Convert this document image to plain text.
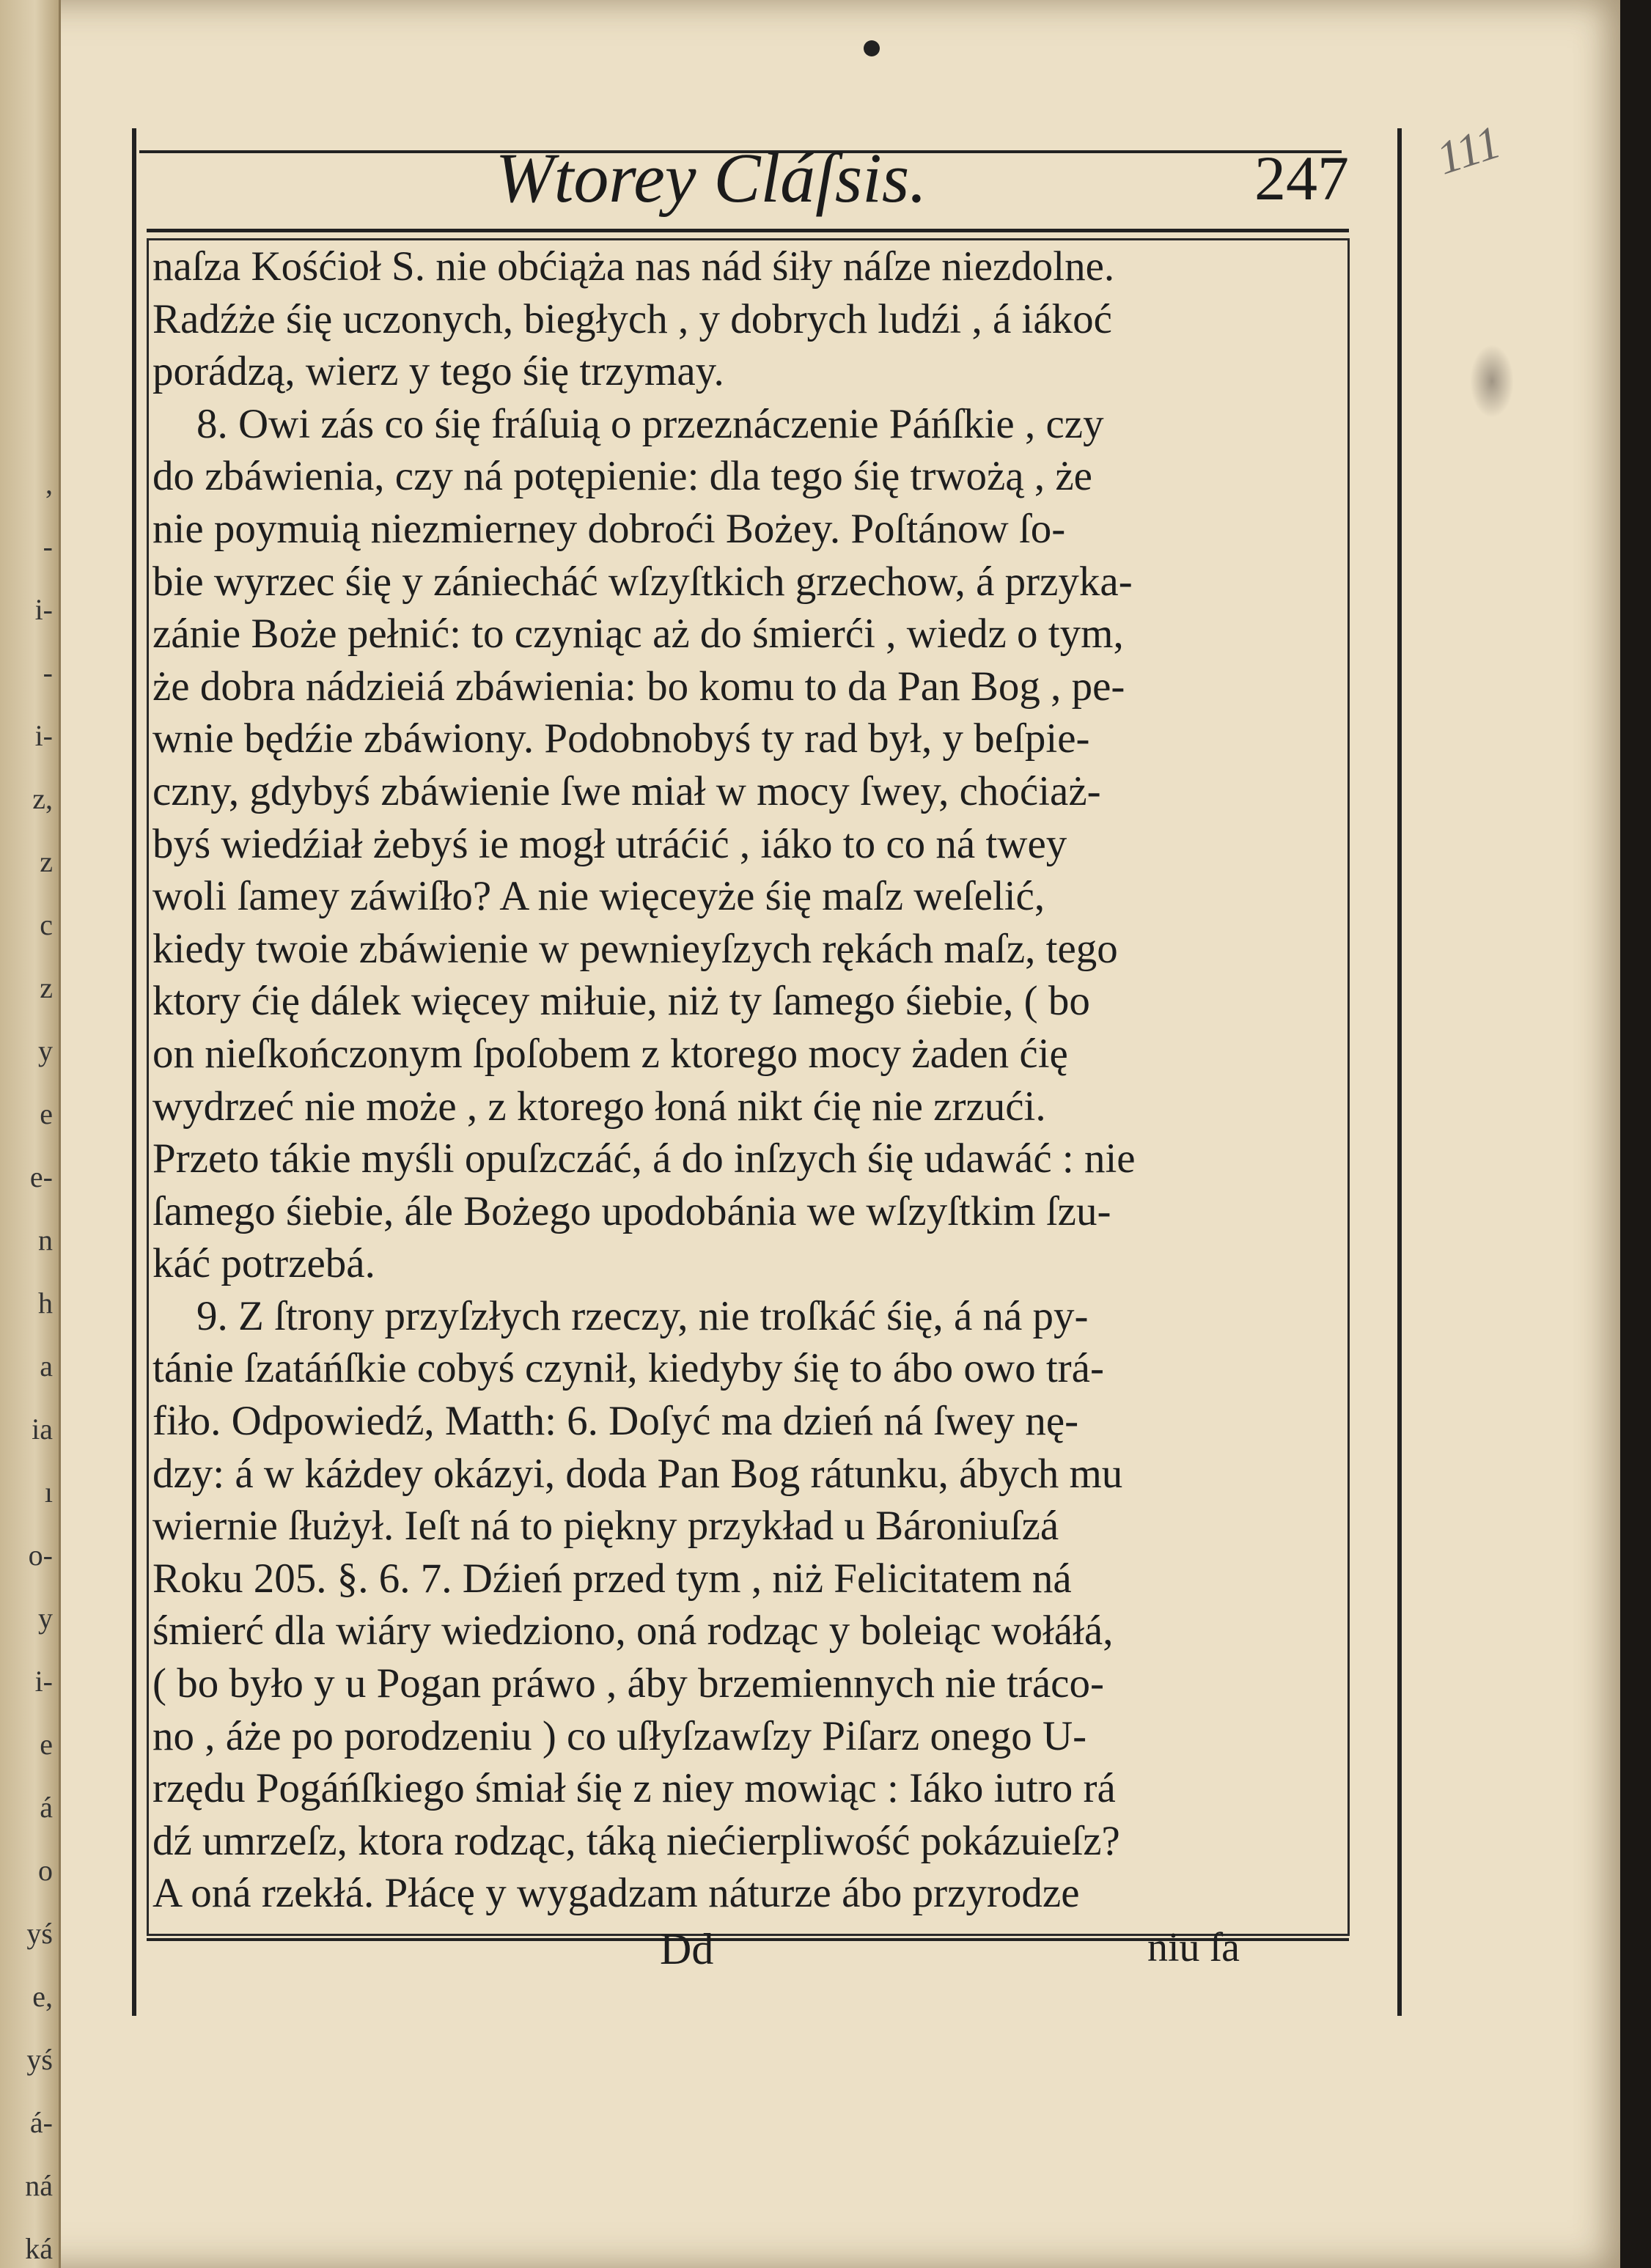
,
-
i-
-
i-
z,
z
c
z
y
e
e-
n
h
a
ia
ı
o-
y
i-
e
á
o
yś
e,
yś
á-
ná
ká
Wtorey Cláſsis.	247 111
naſza Kośćioł S. nie obćiąża nas nád śiły náſze niezdolne.
Radźże śię uczonych, biegłych , y dobrych ludźi , á iákoć
porádzą, wierz y tego śię trzymay.
8. Owi zás co śię fráſuią o przeznáczenie Páńſkie , czy
do zbáwienia, czy ná potępienie: dla tego śię trwożą , że
nie poymuią niezmierney dobroći Bożey. Poſtánow ſo-
bie wyrzec śię y zániecháć wſzyſtkich grzechow, á przyka-
zánie Boże pełnić: to czyniąc aż do śmierći , wiedz o tym,
że dobra nádzieiá zbáwienia: bo komu to da Pan Bog , pe-
wnie będźie zbáwiony. Podobnobyś ty rad był, y beſpie-
czny, gdybyś zbáwienie ſwe miał w mocy ſwey, choćiaż-
byś wiedźiał żebyś ie mogł utráćić , iáko to co ná twey
woli ſamey záwiſło? A nie więceyże śię maſz weſelić,
kiedy twoie zbáwienie w pewnieyſzych rękách maſz, tego
ktory ćię dálek więcey miłuie, niż ty ſamego śiebie, ( bo
on nieſkończonym ſpoſobem z ktorego mocy żaden ćię
wydrzeć nie może , z ktorego łoná nikt ćię nie zrzući.
Przeto tákie myśli opuſzczáć, á do inſzych śię udawáć : nie
ſamego śiebie, ále Bożego upodobánia we wſzyſtkim ſzu-
káć potrzebá.
9. Z ſtrony przyſzłych rzeczy, nie troſkáć śię, á ná py-
tánie ſzatáńſkie cobyś czynił, kiedyby śię to ábo owo trá-
fiło. Odpowiedź, Matth: 6. Doſyć ma dzień ná ſwey nę-
dzy: á w káżdey okázyi, doda Pan Bog rátunku, ábych mu
wiernie ſłużył. Ieſt ná to piękny przykład u Bároniuſzá
Roku 205. §. 6. 7. Dźień przed tym , niż Felicitatem ná
śmierć dla wiáry wiedziono, oná rodząc y boleiąc wołáłá,
( bo było y u Pogan práwo , áby brzemiennych nie tráco-
no , áże po porodzeniu ) co uſłyſzawſzy Piſarz onego U-
rzędu Pogáńſkiego śmiał śię z niey mowiąc : Iáko iutro rá
dź umrzeſz, ktora rodząc, táką niećierpliwość pokázuieſz?
A oná rzekłá. Płácę y wygadzam náturze ábo przyrodze
Dd	niu ſa
